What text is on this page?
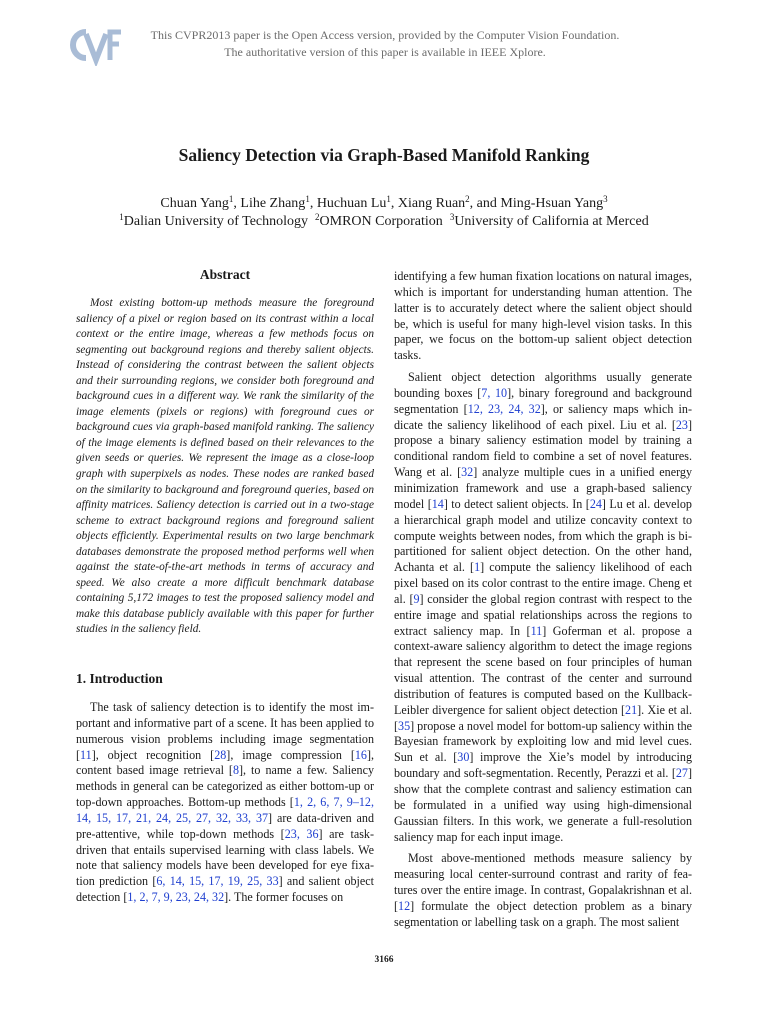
This CVPR2013 paper is the Open Access version, provided by the Computer Vision Foundation.
The authoritative version of this paper is available in IEEE Xplore.
Saliency Detection via Graph-Based Manifold Ranking
Chuan Yang$^1$, Lihe Zhang$^1$, Huchuan Lu$^1$, Xiang Ruan$^2$, and Ming-Hsuan Yang$^3$
$^1$Dalian University of Technology $^2$OMRON Corporation $^3$University of California at Merced
Abstract

Most existing bottom-up methods measure the foreground saliency of a pixel or region based on its contrast within a local context or the entire image, whereas a few methods focus on segmenting out background regions and thereby salient objects. Instead of considering the contrast between the salient objects and their surrounding regions, we consider both foreground and background cues in a different way. We rank the similarity of the image elements (pixels or regions) with foreground cues or background cues via graph-based manifold ranking. The saliency of the image elements is defined based on their relevances to the given seeds or queries. We represent the image as a close-loop graph with superpixels as nodes. These nodes are ranked based on the similarity to background and foreground queries, based on affinity matrices. Saliency detection is carried out in a two-stage scheme to extract background regions and foreground salient objects efficiently. Experimental results on two large benchmark databases demonstrate the proposed method performs well when against the state-of-the-art methods in terms of accuracy and speed. We also create a more difficult benchmark database containing 5,172 images to test the proposed saliency model and make this database publicly available with this paper for further studies in the saliency field.

1. Introduction

The task of saliency detection is to identify the most important and informative part of a scene. It has been applied to numerous vision problems including image segmentation [11], object recognition [28], image compression [16], content based image retrieval [8], to name a few. Saliency methods in general can be categorized as either bottom-up or top-down approaches. Bottom-up methods [1, 2, 6, 7, 9–12, 14, 15, 17, 21, 24, 25, 27, 32, 33, 37] are data-driven and pre-attentive, while top-down methods [23, 36] are task-driven that entails supervised learning with class labels. We note that saliency models have been developed for eye fixation prediction [6, 14, 15, 17, 19, 25, 33] and salient object detection [1, 2, 7, 9, 23, 24, 32]. The former focuses on

identifying a few human fixation locations on natural images, which is important for understanding human attention. The latter is to accurately detect where the salient object should be, which is useful for many high-level vision tasks. In this paper, we focus on the bottom-up salient object detection tasks.

Salient object detection algorithms usually generate bounding boxes [7, 10], binary foreground and background segmentation [12, 23, 24, 32], or saliency maps which indicate the saliency likelihood of each pixel. Liu et al. [23] propose a binary saliency estimation model by training a conditional random field to combine a set of novel features. Wang et al. [32] analyze multiple cues in a unified energy minimization framework and use a graph-based saliency model [14] to detect salient objects. In [24] Lu et al. develop a hierarchical graph model and utilize concavity context to compute weights between nodes, from which the graph is bi-partitioned for salient object detection. On the other hand, Achanta et al. [1] compute the saliency likelihood of each pixel based on its color contrast to the entire image. Cheng et al. [9] consider the global region contrast with respect to the entire image and spatial relationships across the regions to extract saliency map. In [11] Goferman et al. propose a context-aware saliency algorithm to detect the image regions that represent the scene based on four principles of human visual attention. The contrast of the center and surround distribution of features is computed based on the Kullback-Leibler divergence for salient object detection [21]. Xie et al. [35] propose a novel model for bottom-up saliency within the Bayesian framework by exploiting low and mid level cues. Sun et al. [30] improve the Xie’s model by introducing boundary and soft-segmentation. Recently, Perazzi et al. [27] show that the complete contrast and saliency estimation can be formulated in a unified way using high-dimensional Gaussian filters. In this work, we generate a full-resolution saliency map for each input image.

Most above-mentioned methods measure saliency by measuring local center-surround contrast and rarity of features over the entire image. In contrast, Gopalakrishnan et al. [12] formulate the object detection problem as a binary segmentation or labelling task on a graph. The most salient

3166
